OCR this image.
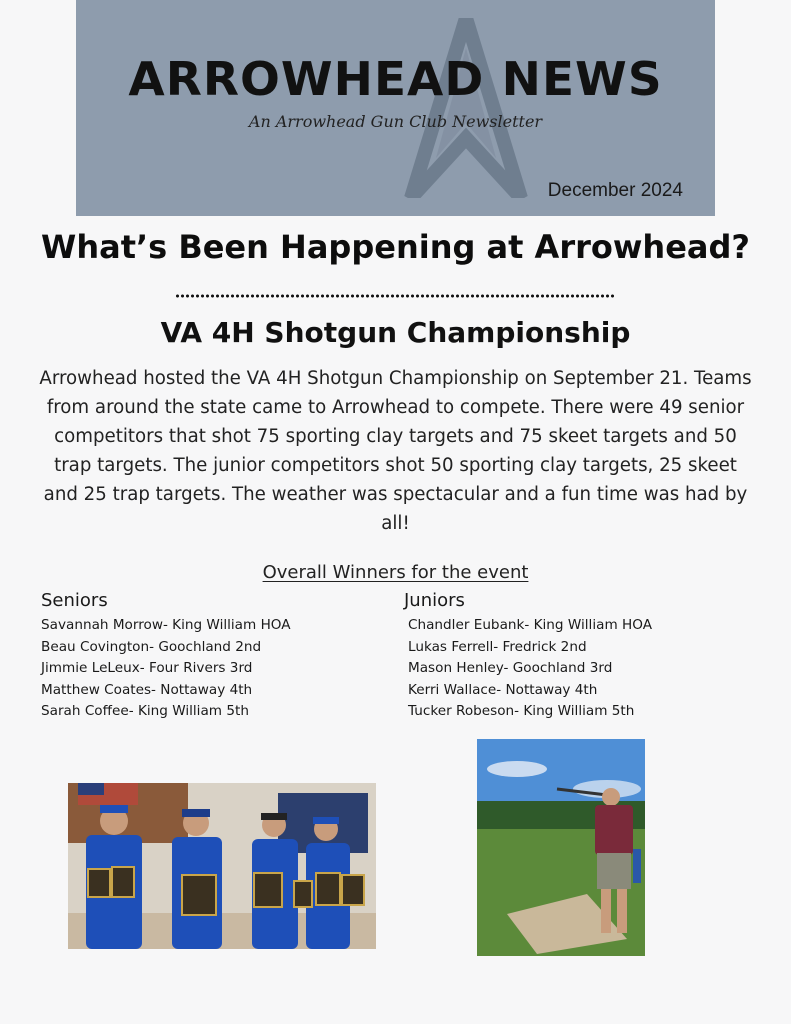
ARROWHEAD NEWS
An Arrowhead Gun Club Newsletter
December 2024
What’s Been Happening at Arrowhead?
VA 4H Shotgun Championship
Arrowhead hosted the VA 4H Shotgun Championship on September 21. Teams from around the state came to Arrowhead to compete. There were 49 senior competitors that shot 75 sporting clay targets and 75 skeet targets and 50 trap targets. The junior competitors shot 50 sporting clay targets, 25 skeet and 25 trap targets. The weather was spectacular and a fun time was had by all!
Overall Winners for the event
Seniors
Savannah Morrow- King William HOA
Beau Covington- Goochland 2nd
Jimmie LeLeux- Four Rivers 3rd
Matthew Coates- Nottaway 4th
Sarah Coffee- King William 5th
Juniors
Chandler Eubank- King William HOA
Lukas Ferrell- Fredrick 2nd
Mason Henley- Goochland 3rd
Kerri Wallace- Nottaway 4th
Tucker Robeson- King William 5th
